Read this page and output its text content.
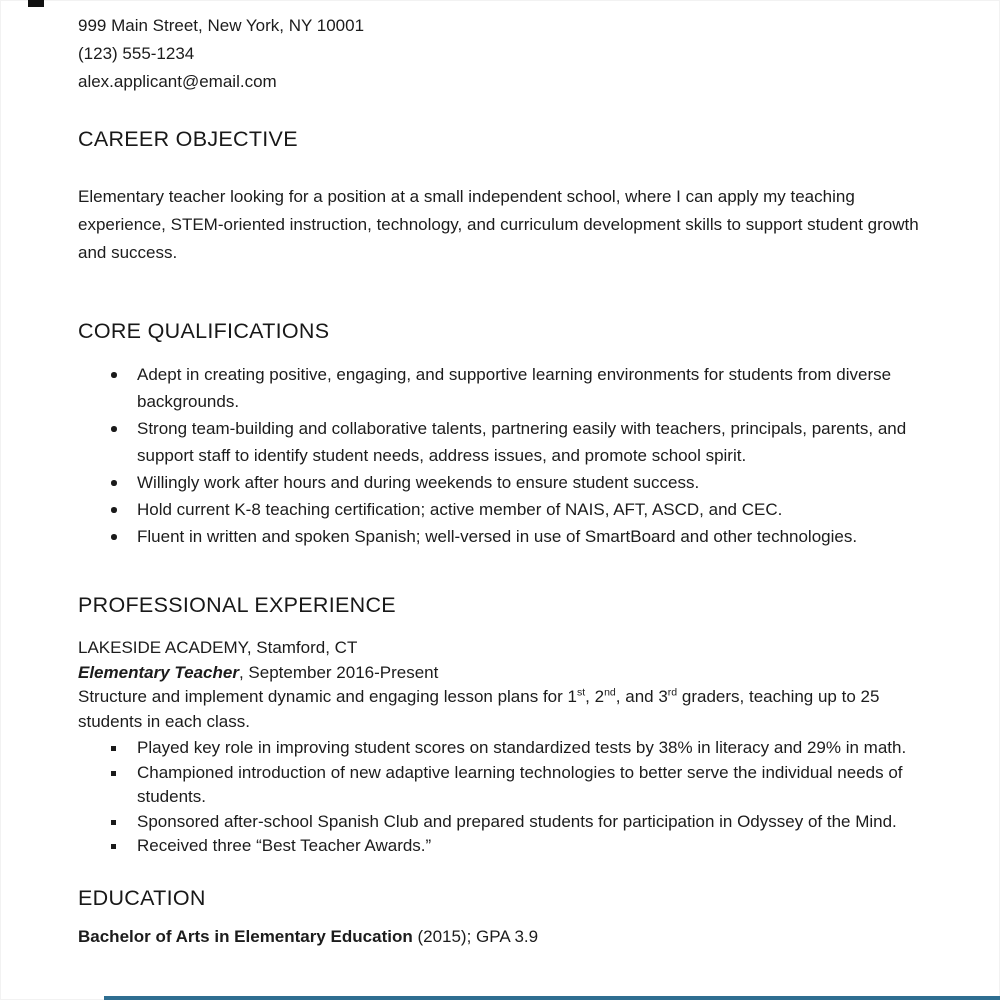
999 Main Street, New York, NY 10001
(123) 555-1234
alex.applicant@email.com
CAREER OBJECTIVE

Elementary teacher looking for a position at a small independent school, where I can apply my teaching experience, STEM-oriented instruction, technology, and curriculum development skills to support student growth and success.

CORE QUALIFICATIONS
Adept in creating positive, engaging, and supportive learning environments for students from diverse backgrounds.
Strong team-building and collaborative talents, partnering easily with teachers, principals, parents, and support staff to identify student needs, address issues, and promote school spirit.
Willingly work after hours and during weekends to ensure student success.
Hold current K-8 teaching certification; active member of NAIS, AFT, ASCD, and CEC.
Fluent in written and spoken Spanish; well-versed in use of SmartBoard and other technologies.
PROFESSIONAL EXPERIENCE
LAKESIDE ACADEMY, Stamford, CT
Elementary Teacher, September 2016-Present

Structure and implement dynamic and engaging lesson plans for 1st, 2nd, and 3rd graders, teaching up to 25 students in each class.

Played key role in improving student scores on standardized tests by 38% in literacy and 29% in math.
Championed introduction of new adaptive learning technologies to better serve the individual needs of students.
Sponsored after-school Spanish Club and prepared students for participation in Odyssey of the Mind.
Received three “Best Teacher Awards.”
EDUCATION

Bachelor of Arts in Elementary Education (2015); GPA 3.9
